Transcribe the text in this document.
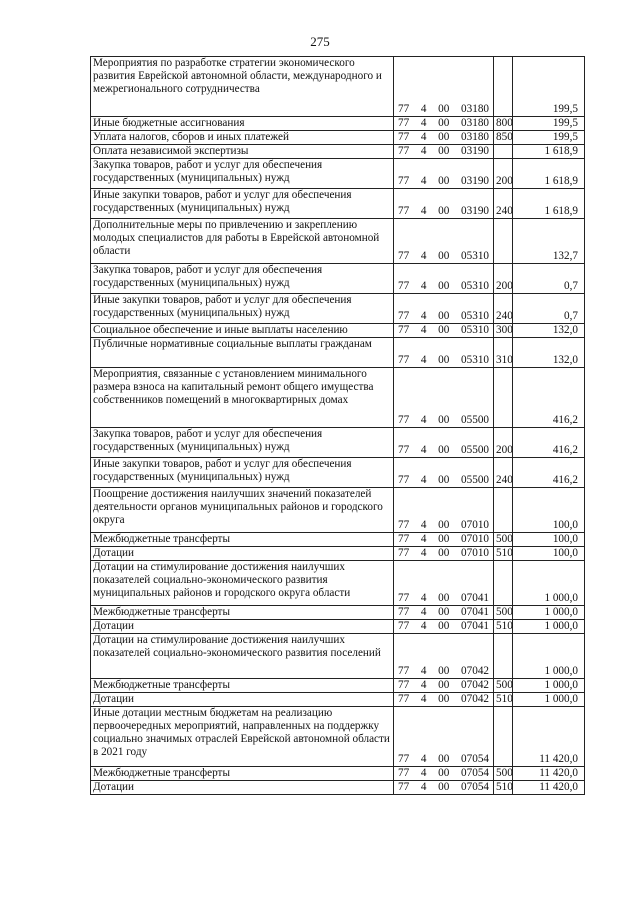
275
Мероприятия по разработке стратегии экономического развития Еврейской автономной области, международного и межрегионального сотрудничества	77 4 00 03180		199,5
Иные бюджетные ассигнования	77 4 00 03180	800	199,5
Уплата налогов, сборов и иных платежей	77 4 00 03180	850	199,5
Оплата независимой экспертизы	77 4 00 03190		1 618,9
Закупка товаров, работ и услуг для обеспечения государственных (муниципальных) нужд	77 4 00 03190	200	1 618,9
Иные закупки товаров, работ и услуг для обеспечения государственных (муниципальных) нужд	77 4 00 03190	240	1 618,9
Дополнительные меры по привлечению и закреплению молодых специалистов для работы в Еврейской автономной области	77 4 00 05310		132,7
Закупка товаров, работ и услуг для обеспечения государственных (муниципальных) нужд	77 4 00 05310	200	0,7
Иные закупки товаров, работ и услуг для обеспечения государственных (муниципальных) нужд	77 4 00 05310	240	0,7
Социальное обеспечение и иные выплаты населению	77 4 00 05310	300	132,0
Публичные нормативные социальные выплаты гражданам	77 4 00 05310	310	132,0
Мероприятия, связанные с установлением минимального размера взноса на капитальный ремонт общего имущества собственников помещений в многоквартирных домах	77 4 00 05500		416,2
Закупка товаров, работ и услуг для обеспечения государственных (муниципальных) нужд	77 4 00 05500	200	416,2
Иные закупки товаров, работ и услуг для обеспечения государственных (муниципальных) нужд	77 4 00 05500	240	416,2
Поощрение достижения наилучших значений показателей деятельности органов муниципальных районов и городского округа	77 4 00 07010		100,0
Межбюджетные трансферты	77 4 00 07010	500	100,0
Дотации	77 4 00 07010	510	100,0
Дотации на стимулирование достижения наилучших показателей социально-экономического развития муниципальных районов и городского округа области	77 4 00 07041		1 000,0
Межбюджетные трансферты	77 4 00 07041	500	1 000,0
Дотации	77 4 00 07041	510	1 000,0
Дотации на стимулирование достижения наилучших показателей социально-экономического развития поселений	77 4 00 07042		1 000,0
Межбюджетные трансферты	77 4 00 07042	500	1 000,0
Дотации	77 4 00 07042	510	1 000,0
Иные дотации местным бюджетам на реализацию первоочередных мероприятий, направленных на поддержку социально значимых отраслей Еврейской автономной области в 2021 году	77 4 00 07054		11 420,0
Межбюджетные трансферты	77 4 00 07054	500	11 420,0
Дотации	77 4 00 07054	510	11 420,0
